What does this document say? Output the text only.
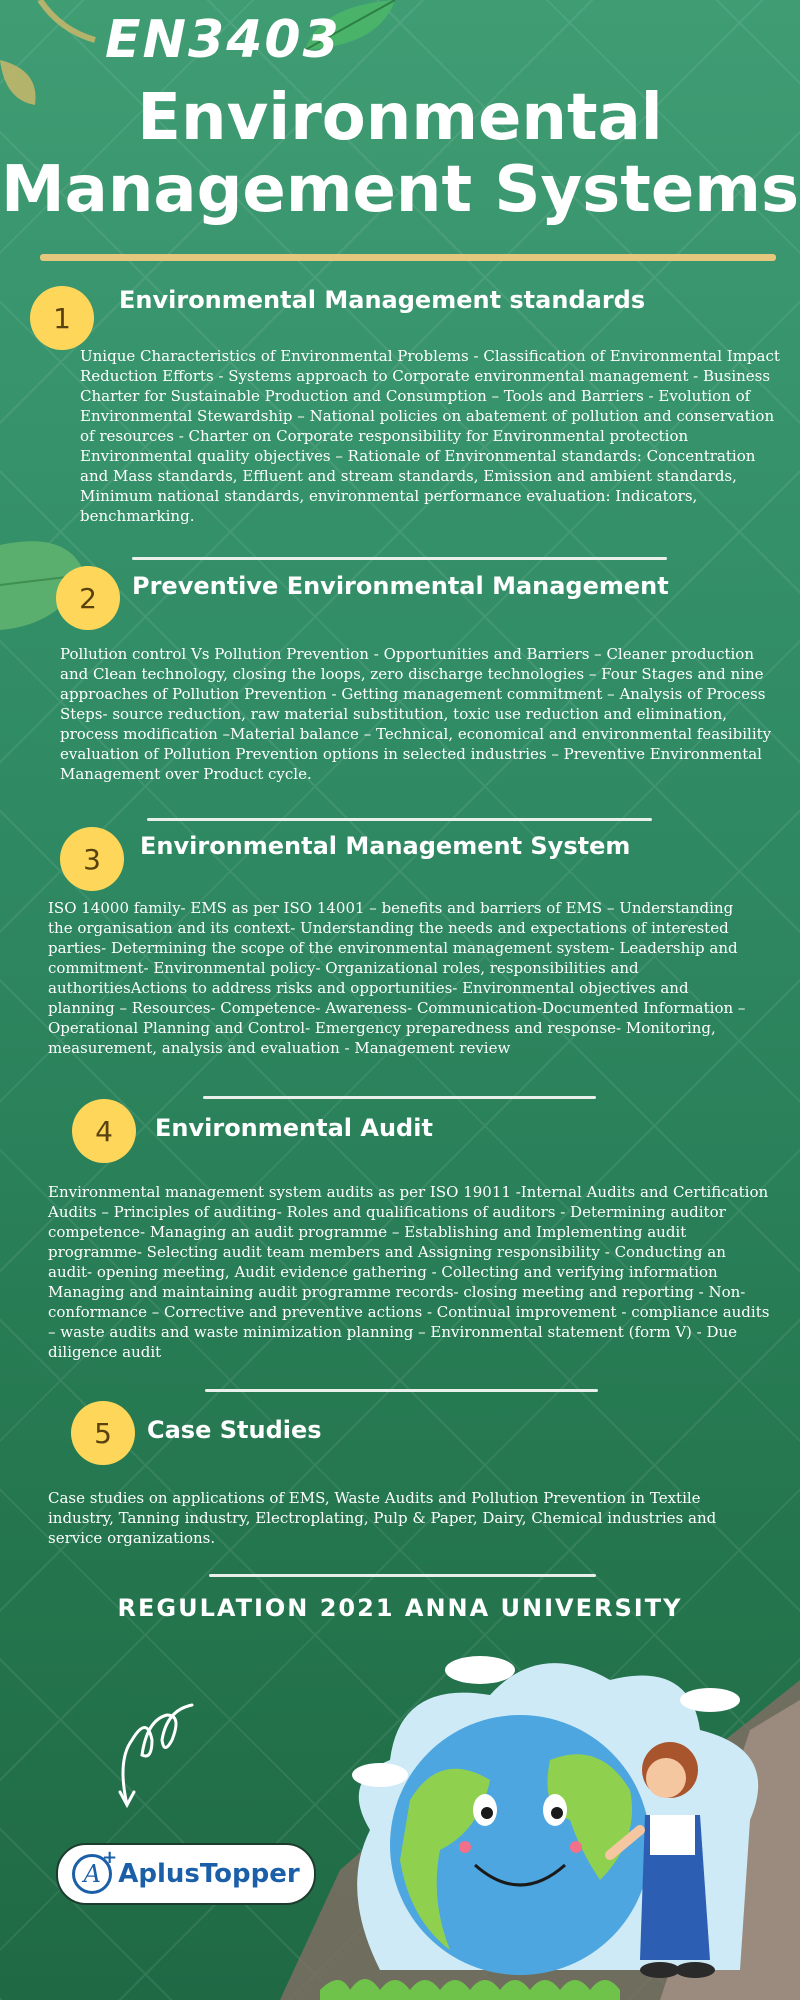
EN3403
Environmental
Management Systems
1
Environmental Management standards

Unique Characteristics of Environmental Problems - Classification of Environmental Impact Reduction Efforts - Systems approach to Corporate environmental management - Business Charter for Sustainable Production and Consumption – Tools and Barriers - Evolution of Environmental Stewardship – National policies on abatement of pollution and conservation of resources - Charter on Corporate responsibility for Environmental protection Environmental quality objectives – Rationale of Environmental standards: Concentration and Mass standards, Effluent and stream standards, Emission and ambient standards, Minimum national standards, environmental performance evaluation: Indicators, benchmarking.

2	Preventive Environmental Management

Pollution control Vs Pollution Prevention - Opportunities and Barriers – Cleaner production and Clean technology, closing the loops, zero discharge technologies – Four Stages and nine approaches of Pollution Prevention - Getting management commitment – Analysis of Process Steps- source reduction, raw material substitution, toxic use reduction and elimination, process modification –Material balance – Technical, economical and environmental feasibility evaluation of Pollution Prevention options in selected industries – Preventive Environmental Management over Product cycle.

3	Environmental Management System

ISO 14000 family- EMS as per ISO 14001 – benefits and barriers of EMS – Understanding the organisation and its context- Understanding the needs and expectations of interested parties- Determining the scope of the environmental management system- Leadership and commitment- Environmental policy- Organizational roles, responsibilities and authoritiesActions to address risks and opportunities- Environmental objectives and planning – Resources- Competence- Awareness- Communication-Documented Information –Operational Planning and Control- Emergency preparedness and response- Monitoring, measurement, analysis and evaluation - Management review

4	Environmental Audit

Environmental management system audits as per ISO 19011 -Internal Audits and Certification Audits – Principles of auditing- Roles and qualifications of auditors - Determining auditor competence- Managing an audit programme – Establishing and Implementing audit programme- Selecting audit team members and Assigning responsibility - Conducting an audit- opening meeting, Audit evidence gathering - Collecting and verifying information Managing and maintaining audit programme records- closing meeting and reporting - Non-conformance – Corrective and preventive actions - Continual improvement - compliance audits – waste audits and waste minimization planning – Environmental statement (form V) - Due diligence audit

5	Case Studies

Case studies on applications of EMS, Waste Audits and Pollution Prevention in Textile industry, Tanning industry, Electroplating, Pulp & Paper, Dairy, Chemical industries and service organizations.

REGULATION 2021 ANNA UNIVERSITY
A
+
AplusTopper
